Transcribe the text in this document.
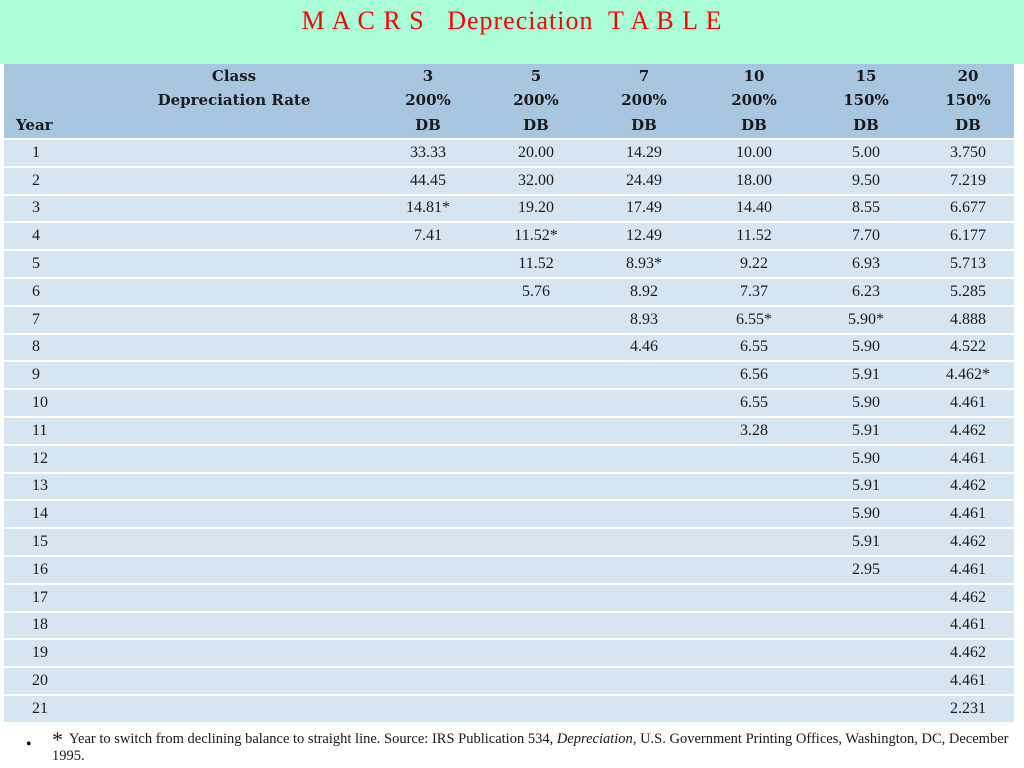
M A C R S   Depreciation  T A B L E
Class	3	5	7	10	15	20
Depreciation Rate	200%	200%	200%	200%	150%	150%
Year	DB	DB	DB	DB	DB	DB
1	33.33	20.00	14.29	10.00	5.00	3.750
2	44.45	32.00	24.49	18.00	9.50	7.219
3	14.81*	19.20	17.49	14.40	8.55	6.677
4	7.41	11.52*	12.49	11.52	7.70	6.177
5		11.52	8.93*	9.22	6.93	5.713
6		5.76	8.92	7.37	6.23	5.285
7			8.93	6.55*	5.90*	4.888
8			4.46	6.55	5.90	4.522
9				6.56	5.91	4.462*
10				6.55	5.90	4.461
11				3.28	5.91	4.462
12					5.90	4.461
13					5.91	4.462
14					5.90	4.461
15					5.91	4.462
16					2.95	4.461
17						4.462
18						4.461
19						4.462
20						4.461
21						2.231
• * Year to switch from declining balance to straight line. Source: IRS Publication 534, Depreciation, U.S. Government Printing Offices, Washington, DC, December 1995.
